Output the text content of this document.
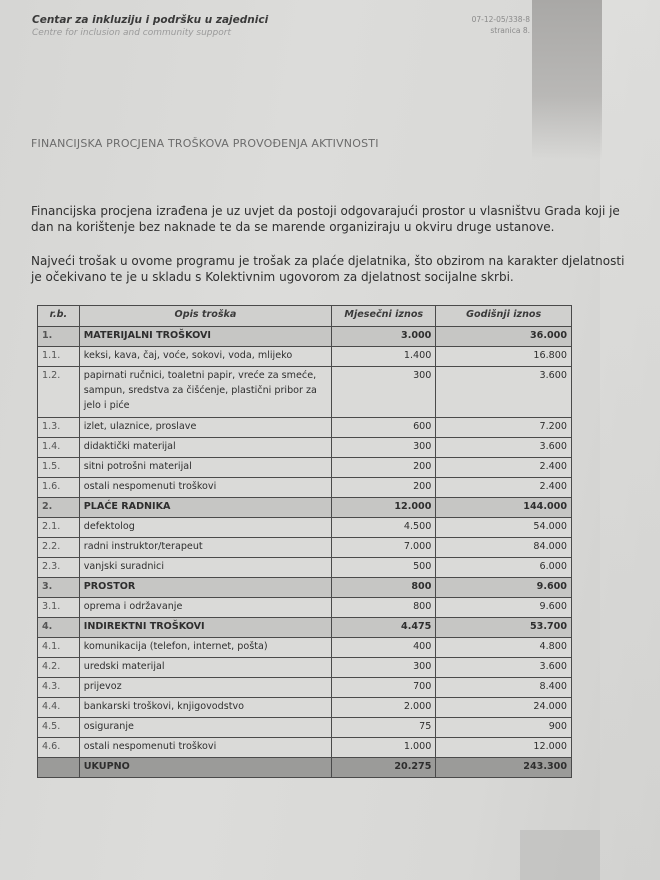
Centar za inkluziju i podršku u zajednici
Centre for inclusion and community support
07-12-05/338-8
stranica 8.
FINANCIJSKA PROCJENA TROŠKOVA PROVOĐENJA AKTIVNOSTI
Financijska procjena izrađena je uz uvjet da postoji odgovarajući prostor u vlasništvu Grada koji je dan na korištenje bez naknade te da se marende organiziraju u okviru druge ustanove.
Najveći trošak u ovome programu je trošak za plaće djelatnika, što obzirom na karakter djelatnosti je očekivano te je u skladu s Kolektivnim ugovorom za djelatnost socijalne skrbi.
r.b.	Opis troška	Mjesečni iznos	Godišnji iznos
1.	MATERIJALNI TROŠKOVI	3.000	36.000
1.1.	keksi, kava, čaj, voće, sokovi, voda, mlijeko	1.400	16.800
1.2.	papirnati ručnici, toaletni papir, vreće za smeće, sampun, sredstva za čišćenje, plastični pribor za jelo i piće	300	3.600
1.3.	izlet, ulaznice, proslave	600	7.200
1.4.	didaktički materijal	300	3.600
1.5.	sitni potrošni materijal	200	2.400
1.6.	ostali nespomenuti troškovi	200	2.400
2.	PLAĆE RADNIKA	12.000	144.000
2.1.	defektolog	4.500	54.000
2.2.	radni instruktor/terapeut	7.000	84.000
2.3.	vanjski suradnici	500	6.000
3.	PROSTOR	800	9.600
3.1.	oprema i održavanje	800	9.600
4.	INDIREKTNI TROŠKOVI	4.475	53.700
4.1.	komunikacija (telefon, internet, pošta)	400	4.800
4.2.	uredski materijal	300	3.600
4.3.	prijevoz	700	8.400
4.4.	bankarski troškovi, knjigovodstvo	2.000	24.000
4.5.	osiguranje	75	900
4.6.	ostali nespomenuti troškovi	1.000	12.000
	UKUPNO	20.275	243.300
